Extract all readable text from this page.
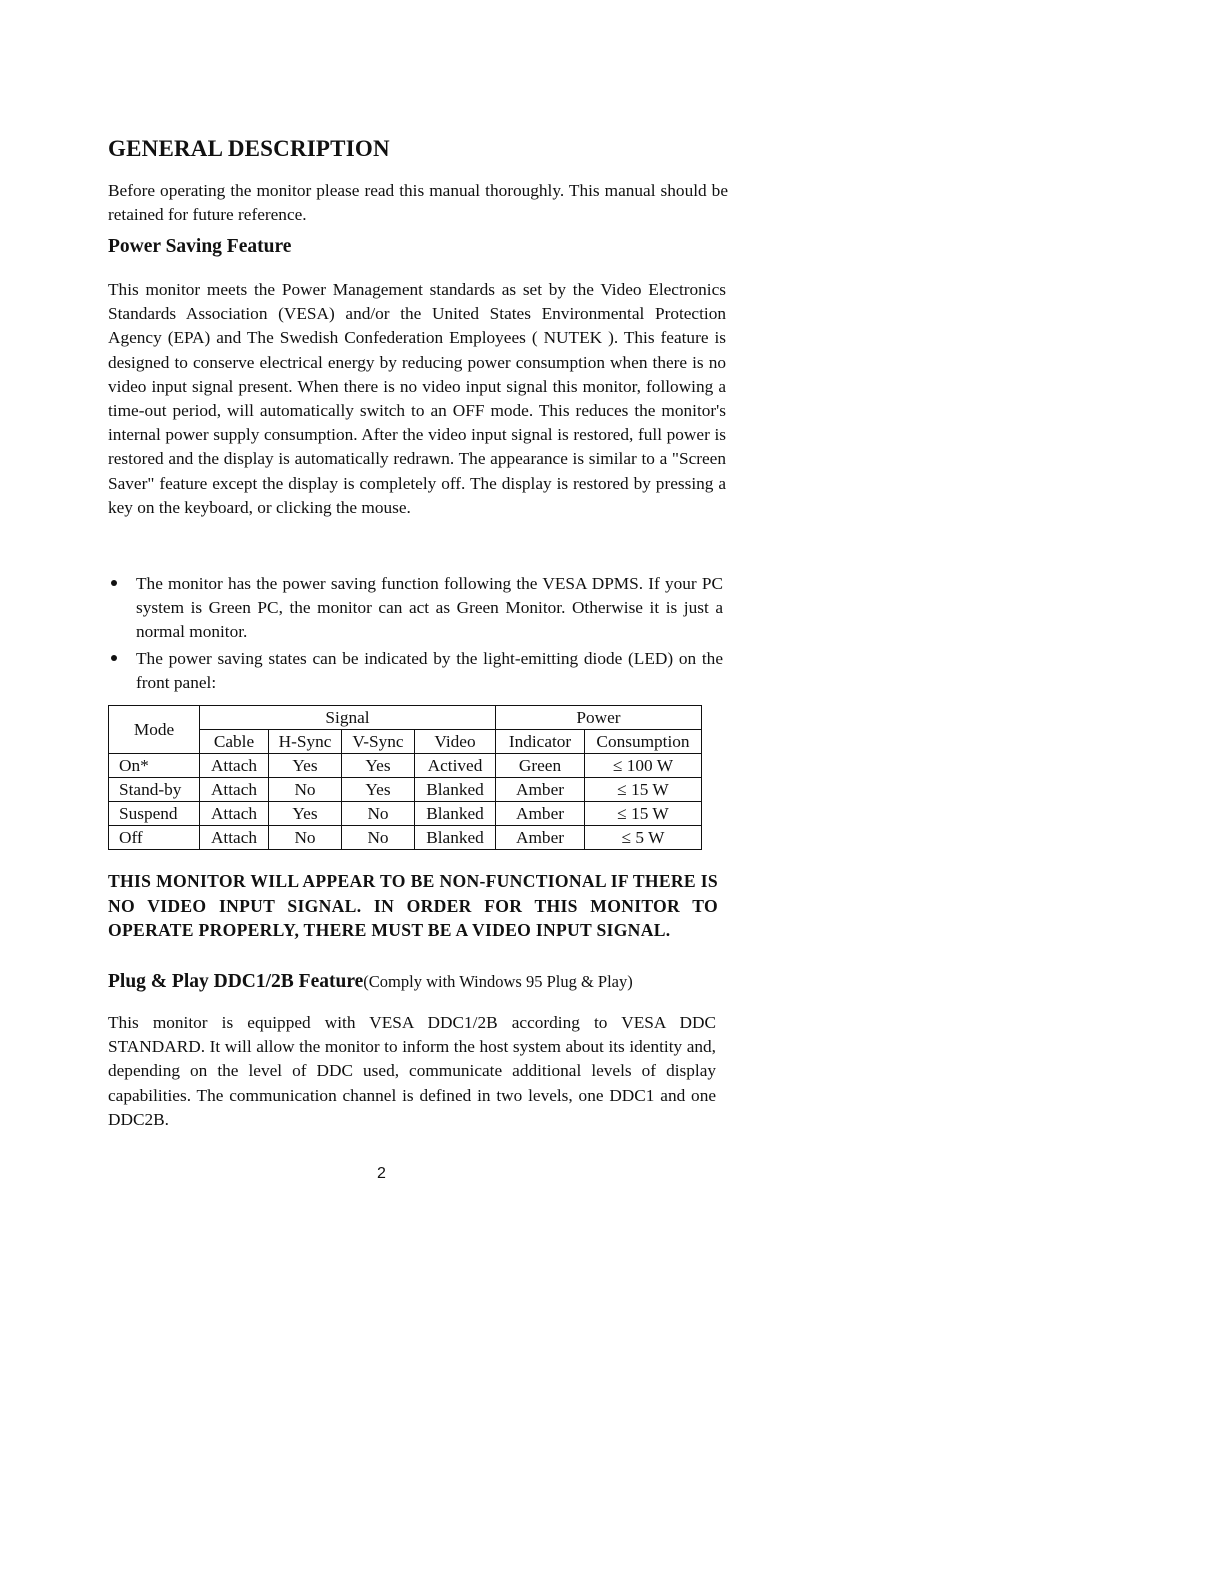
GENERAL DESCRIPTION

Before operating the monitor please read this manual thoroughly. This manual should be retained for future reference.

Power Saving Feature

This monitor meets the Power Management standards as set by the Video Electronics Standards Association (VESA) and/or the United States Environmental Protection Agency (EPA) and The Swedish Confederation Employees ( NUTEK ). This feature is designed to conserve electrical energy by reducing power consumption when there is no video input signal present. When there is no video input signal this monitor, following a time-out period, will automatically switch to an OFF mode. This reduces the monitor's internal power supply consumption. After the video input signal is restored, full power is restored and the display is automatically redrawn. The appearance is similar to a "Screen Saver" feature except the display is completely off. The display is restored by pressing a key on the keyboard, or clicking the mouse.

The monitor has the power saving function following the VESA DPMS. If your PC system is Green PC, the monitor can act as Green Monitor. Otherwise it is just a normal monitor.
The power saving states can be indicated by the light-emitting diode (LED) on the front panel:
Mode	Signal				Power	
	Cable	H-Sync	V-Sync	Video	Indicator	Consumption
On*	Attach	Yes	Yes	Actived	Green	≤ 100 W
Stand-by	Attach	No	Yes	Blanked	Amber	≤ 15 W
Suspend	Attach	Yes	No	Blanked	Amber	≤ 15 W
Off	Attach	No	No	Blanked	Amber	≤ 5 W

THIS MONITOR WILL APPEAR TO BE NON-FUNCTIONAL IF THERE IS NO VIDEO INPUT SIGNAL. IN ORDER FOR THIS MONITOR TO OPERATE PROPERLY, THERE MUST BE A VIDEO INPUT SIGNAL.

Plug & Play DDC1/2B Feature(Comply with Windows 95 Plug & Play)

This monitor is equipped with VESA DDC1/2B according to VESA DDC STANDARD. It will allow the monitor to inform the host system about its identity and, depending on the level of DDC used, communicate additional levels of display capabilities. The communication channel is defined in two levels, one DDC1 and one DDC2B.

2
